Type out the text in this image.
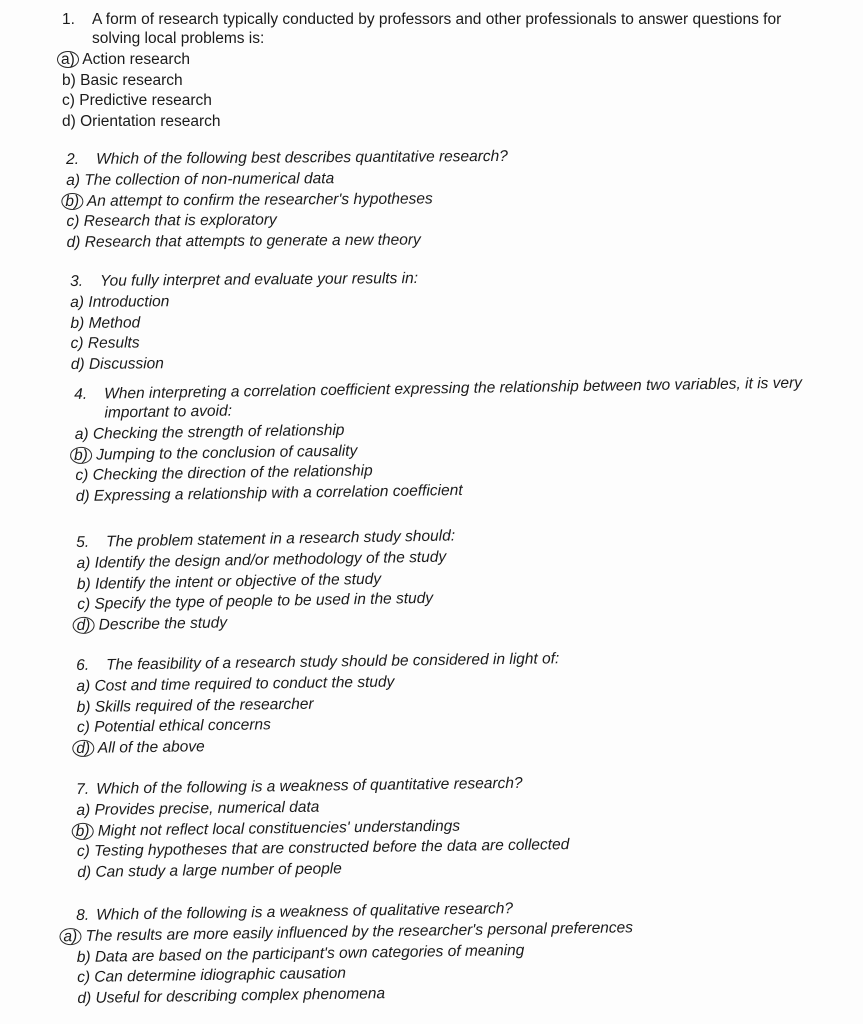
1.	A form of research typically conducted by professors and other professionals to answer questions for solving local problems is:
a) Action research
b) Basic research
c) Predictive research
d) Orientation research
2.	Which of the following best describes quantitative research?
a) The collection of non-numerical data
b) An attempt to confirm the researcher's hypotheses
c) Research that is exploratory
d) Research that attempts to generate a new theory
3.	You fully interpret and evaluate your results in:
a) Introduction
b) Method
c) Results
d) Discussion
4.	When interpreting a correlation coefficient expressing the relationship between two variables, it is very important to avoid:
a) Checking the strength of relationship
b) Jumping to the conclusion of causality
c) Checking the direction of the relationship
d) Expressing a relationship with a correlation coefficient
5.	The problem statement in a research study should:
a) Identify the design and/or methodology of the study
b) Identify the intent or objective of the study
c) Specify the type of people to be used in the study
d) Describe the study
6.	The feasibility of a research study should be considered in light of:
a) Cost and time required to conduct the study
b) Skills required of the researcher
c) Potential ethical concerns
d) All of the above
7. Which of the following is a weakness of quantitative research?
a) Provides precise, numerical data
b) Might not reflect local constituencies' understandings
c) Testing hypotheses that are constructed before the data are collected
d) Can study a large number of people
8. Which of the following is a weakness of qualitative research?
a) The results are more easily influenced by the researcher's personal preferences
b) Data are based on the participant's own categories of meaning
c) Can determine idiographic causation
d) Useful for describing complex phenomena
